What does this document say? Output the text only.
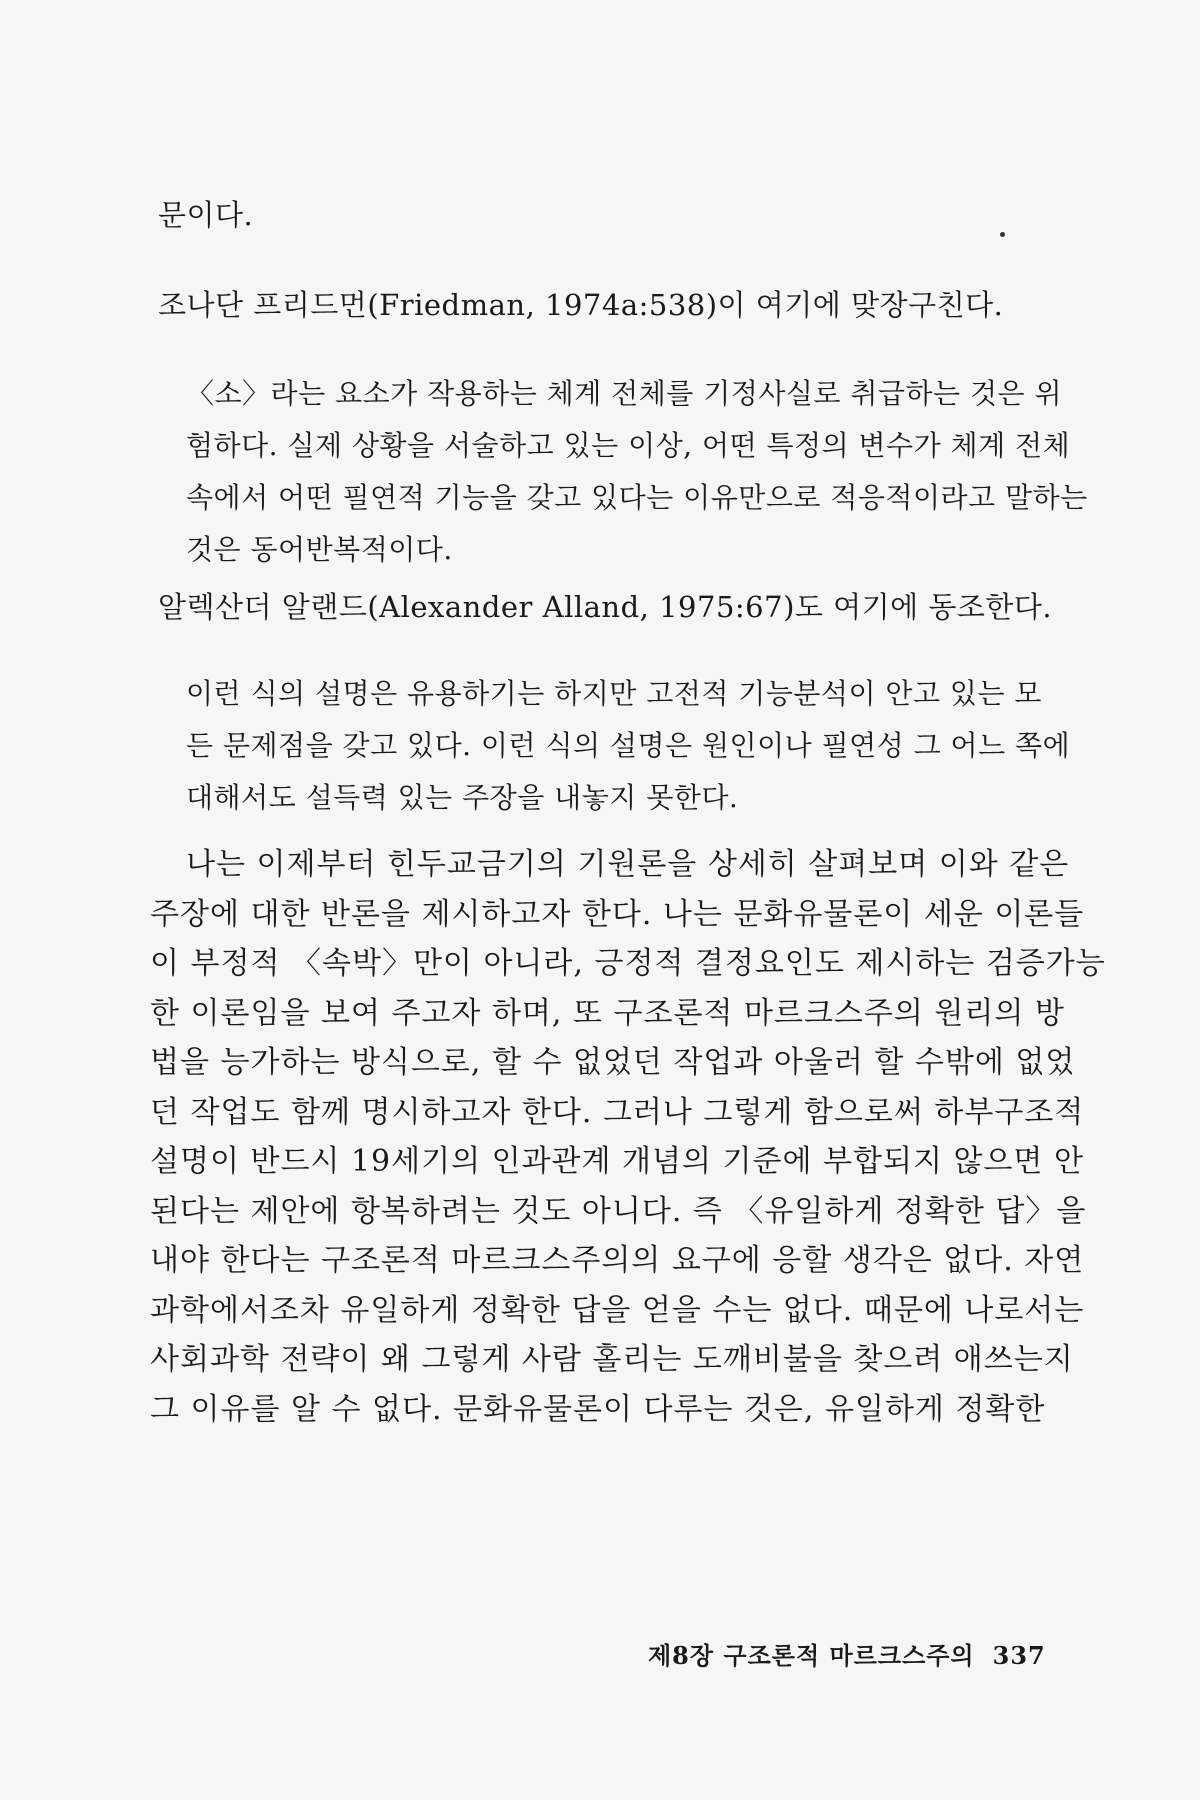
문이다.

조나단 프리드먼(Friedman, 1974a:538)이 여기에 맞장구친다.

〈소〉라는 요소가 작용하는 체계 전체를 기정사실로 취급하는 것은 위
험하다. 실제 상황을 서술하고 있는 이상, 어떤 특정의 변수가 체계 전체
속에서 어떤 필연적 기능을 갖고 있다는 이유만으로 적응적이라고 말하는
것은 동어반복적이다.

알렉산더 알랜드(Alexander Alland, 1975:67)도 여기에 동조한다.

이런 식의 설명은 유용하기는 하지만 고전적 기능분석이 안고 있는 모
든 문제점을 갖고 있다. 이런 식의 설명은 원인이나 필연성 그 어느 쪽에
대해서도 설득력 있는 주장을 내놓지 못한다.
나는 이제부터 힌두교금기의 기원론을 상세히 살펴보며 이와 같은
주장에 대한 반론을 제시하고자 한다. 나는 문화유물론이 세운 이론들
이 부정적 〈속박〉만이 아니라, 긍정적 결정요인도 제시하는 검증가능
한 이론임을 보여 주고자 하며, 또 구조론적 마르크스주의 원리의 방
법을 능가하는 방식으로, 할 수 없었던 작업과 아울러 할 수밖에 없었
던 작업도 함께 명시하고자 한다. 그러나 그렇게 함으로써 하부구조적
설명이 반드시 19세기의 인과관계 개념의 기준에 부합되지 않으면 안
된다는 제안에 항복하려는 것도 아니다. 즉 〈유일하게 정확한 답〉을
내야 한다는 구조론적 마르크스주의의 요구에 응할 생각은 없다. 자연
과학에서조차 유일하게 정확한 답을 얻을 수는 없다. 때문에 나로서는
사회과학 전략이 왜 그렇게 사람 홀리는 도깨비불을 찾으려 애쓰는지
그 이유를 알 수 없다. 문화유물론이 다루는 것은, 유일하게 정확한
제8장 구조론적 마르크스주의 337
